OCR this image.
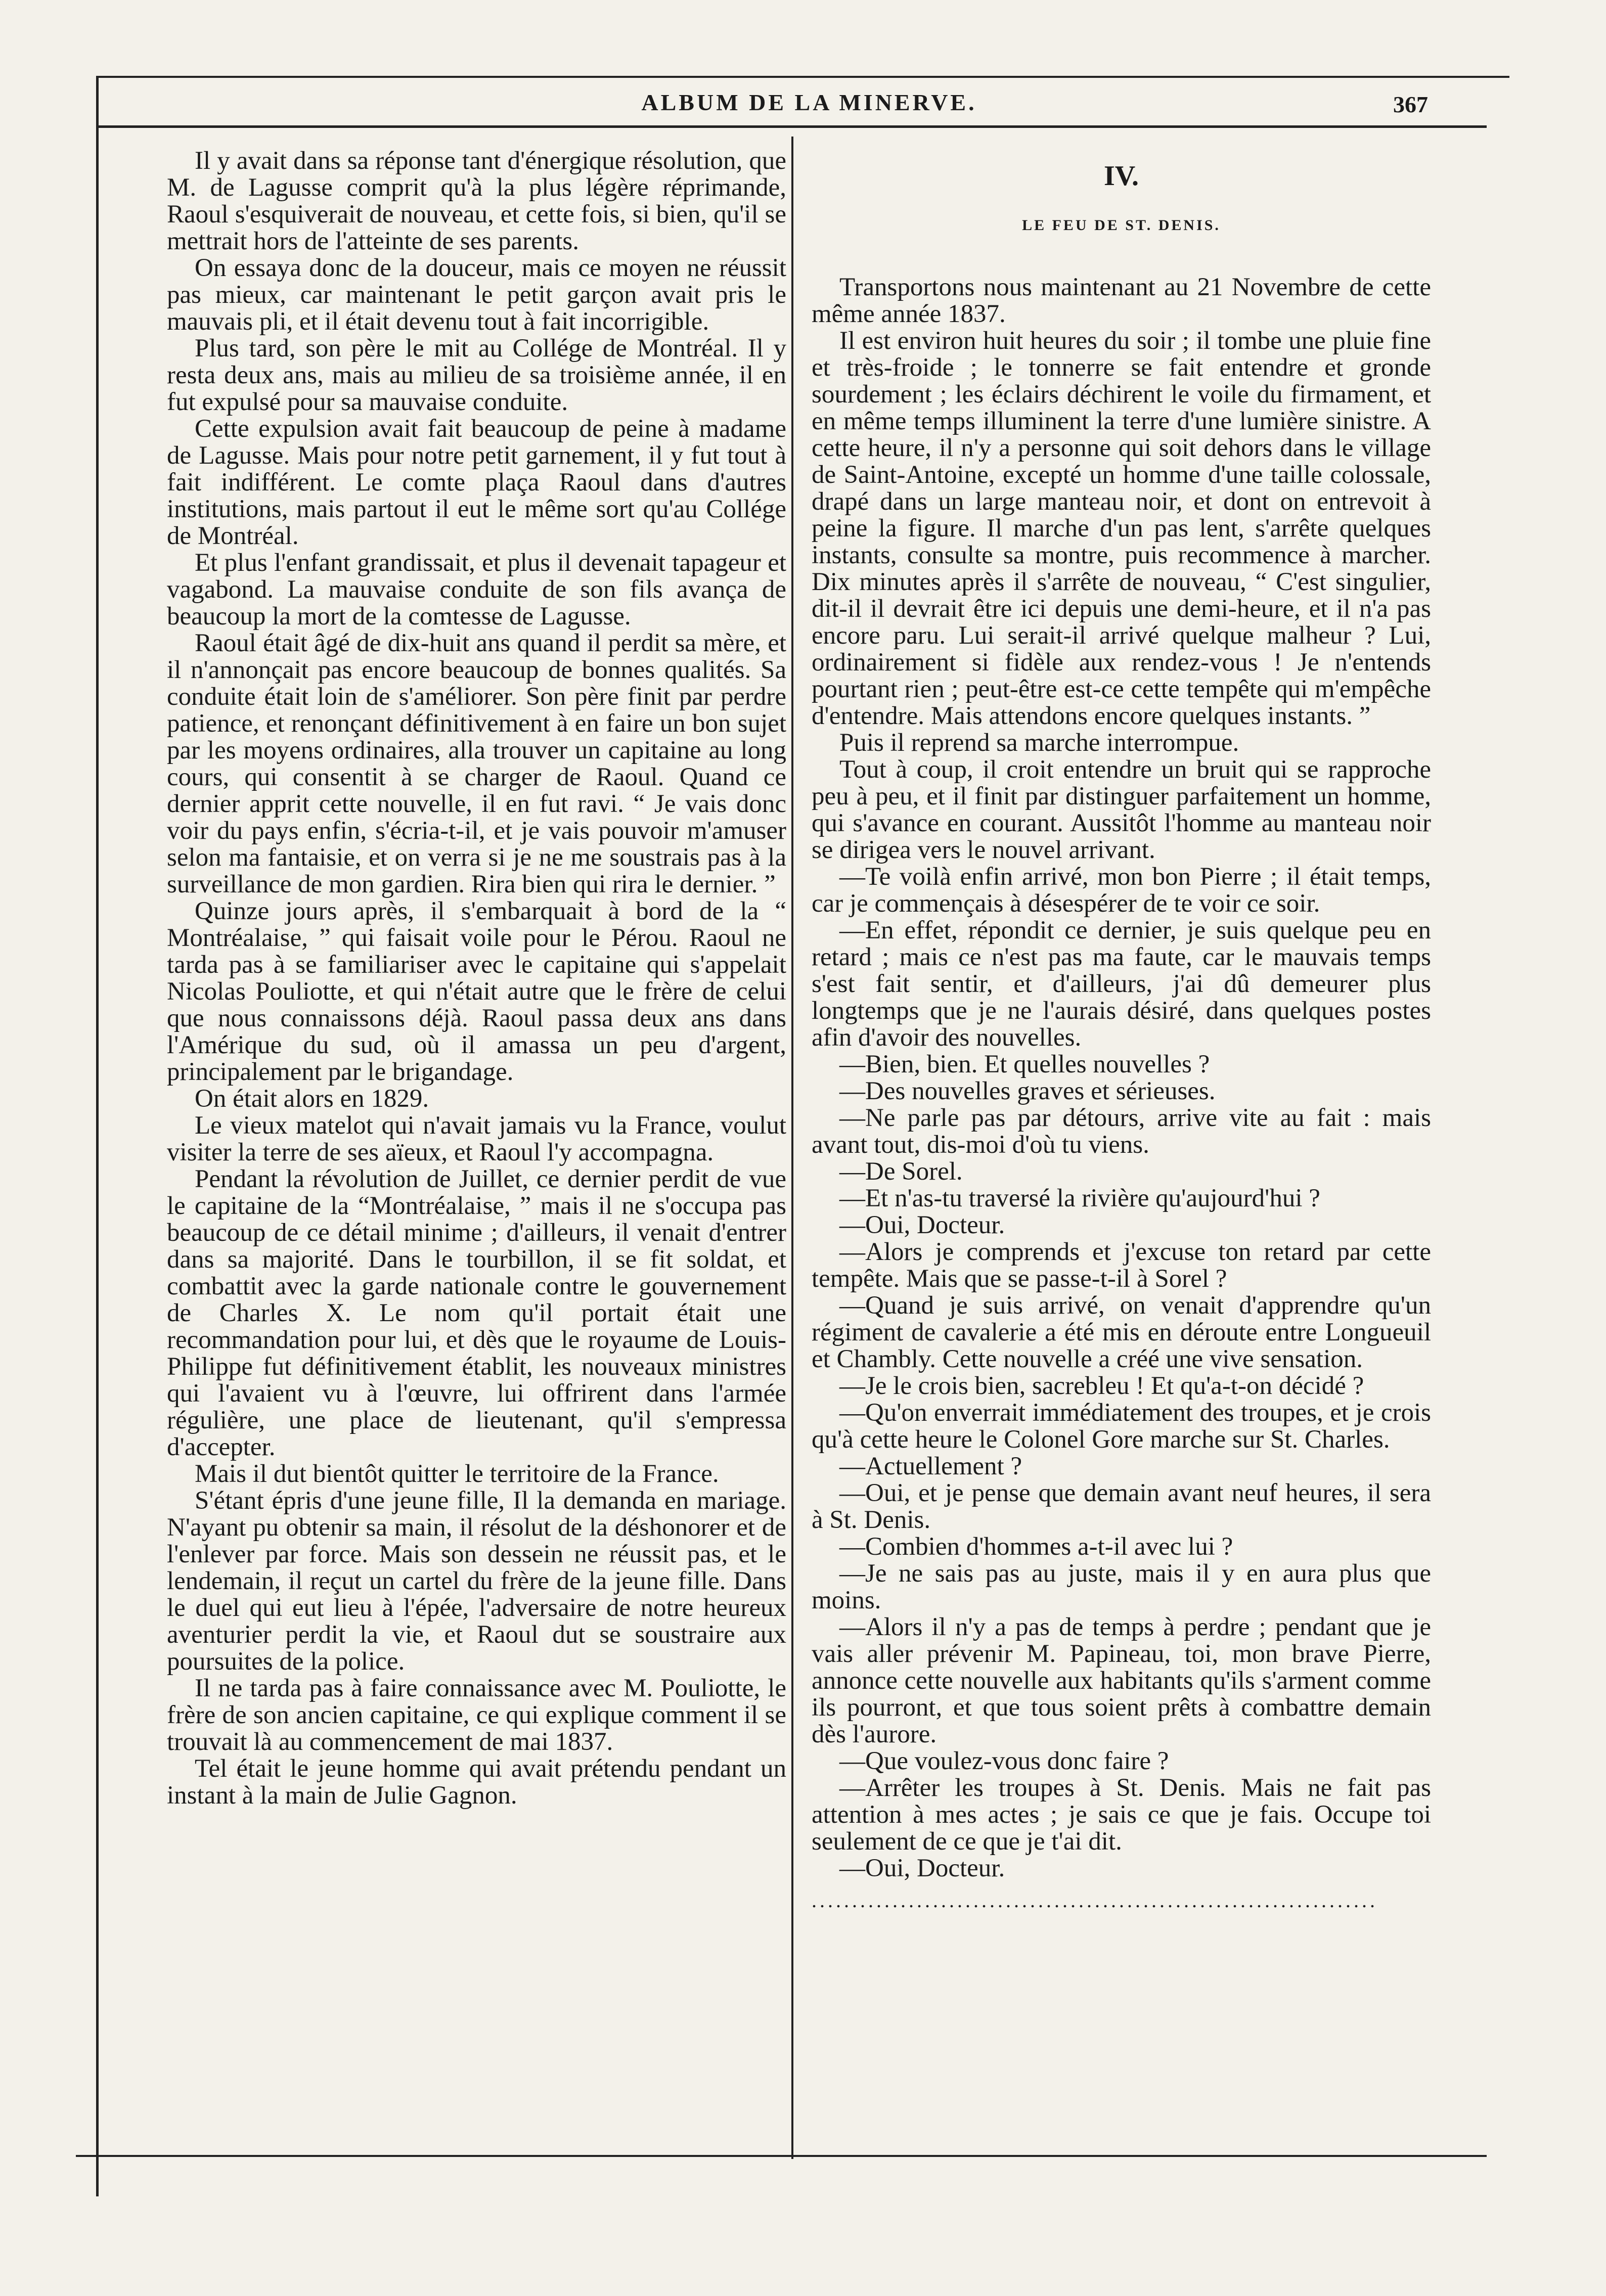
ALBUM DE LA MINERVE.	367

Il y avait dans sa réponse tant d'énergique résolution, que M. de Lagusse comprit qu'à la plus légère réprimande, Raoul s'esquiverait de nouveau, et cette fois, si bien, qu'il se mettrait hors de l'atteinte de ses parents.

On essaya donc de la douceur, mais ce moyen ne réussit pas mieux, car maintenant le petit garçon avait pris le mauvais pli, et il était devenu tout à fait incorrigible.

Plus tard, son père le mit au Collége de Montréal. Il y resta deux ans, mais au milieu de sa troisième année, il en fut expulsé pour sa mauvaise conduite.

Cette expulsion avait fait beaucoup de peine à madame de Lagusse. Mais pour notre petit garnement, il y fut tout à fait indifférent. Le comte plaça Raoul dans d'autres institutions, mais partout il eut le même sort qu'au Collége de Montréal.

Et plus l'enfant grandissait, et plus il devenait tapageur et vagabond. La mauvaise conduite de son fils avança de beaucoup la mort de la comtesse de Lagusse.

Raoul était âgé de dix-huit ans quand il perdit sa mère, et il n'annonçait pas encore beaucoup de bonnes qualités. Sa conduite était loin de s'améliorer. Son père finit par perdre patience, et renonçant définitivement à en faire un bon sujet par les moyens ordinaires, alla trouver un capitaine au long cours, qui consentit à se charger de Raoul. Quand ce dernier apprit cette nouvelle, il en fut ravi. “ Je vais donc voir du pays enfin, s'écria-t-il, et je vais pouvoir m'amuser selon ma fantaisie, et on verra si je ne me soustrais pas à la surveillance de mon gardien. Rira bien qui rira le dernier. ”

Quinze jours après, il s'embarquait à bord de la “ Montréalaise, ” qui faisait voile pour le Pérou. Raoul ne tarda pas à se familiariser avec le capitaine qui s'appelait Nicolas Pouliotte, et qui n'était autre que le frère de celui que nous connaissons déjà. Raoul passa deux ans dans l'Amérique du sud, où il amassa un peu d'argent, principalement par le brigandage.

On était alors en 1829.

Le vieux matelot qui n'avait jamais vu la France, voulut visiter la terre de ses aïeux, et Raoul l'y accompagna.

Pendant la révolution de Juillet, ce dernier perdit de vue le capitaine de la “Montréalaise, ” mais il ne s'occupa pas beaucoup de ce détail minime ; d'ailleurs, il venait d'entrer dans sa majorité. Dans le tourbillon, il se fit soldat, et combattit avec la garde nationale contre le gouvernement de Charles X. Le nom qu'il portait était une recommandation pour lui, et dès que le royaume de Louis-Philippe fut définitivement établit, les nouveaux ministres qui l'avaient vu à l'œuvre, lui offrirent dans l'armée régulière, une place de lieutenant, qu'il s'empressa d'accepter.

Mais il dut bientôt quitter le territoire de la France.

S'étant épris d'une jeune fille, Il la demanda en mariage. N'ayant pu obtenir sa main, il résolut de la déshonorer et de l'enlever par force. Mais son dessein ne réussit pas, et le lendemain, il reçut un cartel du frère de la jeune fille. Dans le duel qui eut lieu à l'épée, l'adversaire de notre heureux aventurier perdit la vie, et Raoul dut se soustraire aux poursuites de la police.

Il ne tarda pas à faire connaissance avec M. Pouliotte, le frère de son ancien capitaine, ce qui explique comment il se trouvait là au commencement de mai 1837.

Tel était le jeune homme qui avait prétendu pendant un instant à la main de Julie Gagnon.

IV.
LE FEU DE ST. DENIS.

Transportons nous maintenant au 21 Novembre de cette même année 1837.

Il est environ huit heures du soir ; il tombe une pluie fine et très-froide ; le tonnerre se fait entendre et gronde sourdement ; les éclairs déchirent le voile du firmament, et en même temps illuminent la terre d'une lumière sinistre. A cette heure, il n'y a personne qui soit dehors dans le village de Saint-Antoine, excepté un homme d'une taille colossale, drapé dans un large manteau noir, et dont on entrevoit à peine la figure. Il marche d'un pas lent, s'arrête quelques instants, consulte sa montre, puis recommence à marcher. Dix minutes après il s'arrête de nouveau, “ C'est singulier, dit-il il devrait être ici depuis une demi-heure, et il n'a pas encore paru. Lui serait-il arrivé quelque malheur ? Lui, ordinairement si fidèle aux rendez-vous ! Je n'entends pourtant rien ; peut-être est-ce cette tempête qui m'empêche d'entendre. Mais attendons encore quelques instants. ”

Puis il reprend sa marche interrompue.

Tout à coup, il croit entendre un bruit qui se rapproche peu à peu, et il finit par distinguer parfaitement un homme, qui s'avance en courant. Aussitôt l'homme au manteau noir se dirigea vers le nouvel arrivant.

—Te voilà enfin arrivé, mon bon Pierre ; il était temps, car je commençais à désespérer de te voir ce soir.

—En effet, répondit ce dernier, je suis quelque peu en retard ; mais ce n'est pas ma faute, car le mauvais temps s'est fait sentir, et d'ailleurs, j'ai dû demeurer plus longtemps que je ne l'aurais désiré, dans quelques postes afin d'avoir des nouvelles.

—Bien, bien. Et quelles nouvelles ?

—Des nouvelles graves et sérieuses.

—Ne parle pas par détours, arrive vite au fait : mais avant tout, dis-moi d'où tu viens.

—De Sorel.

—Et n'as-tu traversé la rivière qu'aujourd'hui ?

—Oui, Docteur.

—Alors je comprends et j'excuse ton retard par cette tempête. Mais que se passe-t-il à Sorel ?

—Quand je suis arrivé, on venait d'apprendre qu'un régiment de cavalerie a été mis en déroute entre Longueuil et Chambly. Cette nouvelle a créé une vive sensation.

—Je le crois bien, sacrebleu ! Et qu'a-t-on décidé ?

—Qu'on enverrait immédiatement des troupes, et je crois qu'à cette heure le Colonel Gore marche sur St. Charles.

—Actuellement ?

—Oui, et je pense que demain avant neuf heures, il sera à St. Denis.

—Combien d'hommes a-t-il avec lui ?

—Je ne sais pas au juste, mais il y en aura plus que moins.

—Alors il n'y a pas de temps à perdre ; pendant que je vais aller prévenir M. Papineau, toi, mon brave Pierre, annonce cette nouvelle aux habitants qu'ils s'arment comme ils pourront, et que tous soient prêts à combattre demain dès l'aurore.

—Que voulez-vous donc faire ?

—Arrêter les troupes à St. Denis. Mais ne fait pas attention à mes actes ; je sais ce que je fais. Occupe toi seulement de ce que je t'ai dit.

—Oui, Docteur.

......................................................................
